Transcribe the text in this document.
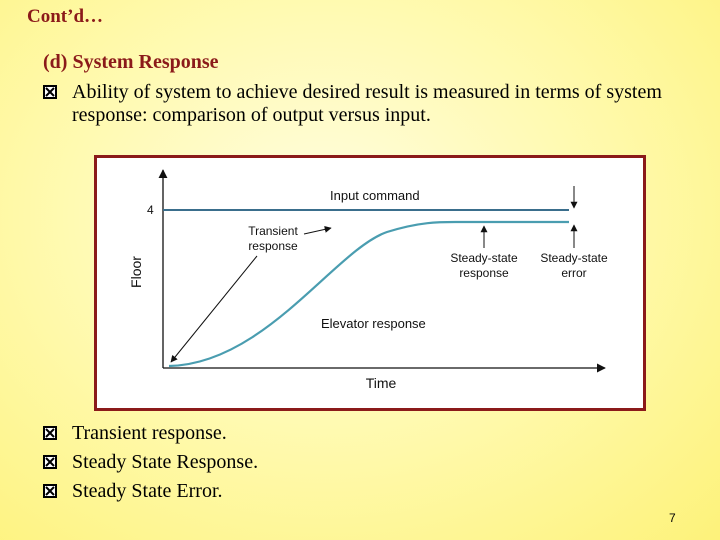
Cont’d…
(d) System Response
Ability of system to achieve desired result is measured in terms of system response: comparison of output versus input.
4
Floor
Time
Input command
Transient
response
Steady-state
response
Steady-state
error
Elevator response
Transient response.
Steady State Response.
Steady State Error.
7
